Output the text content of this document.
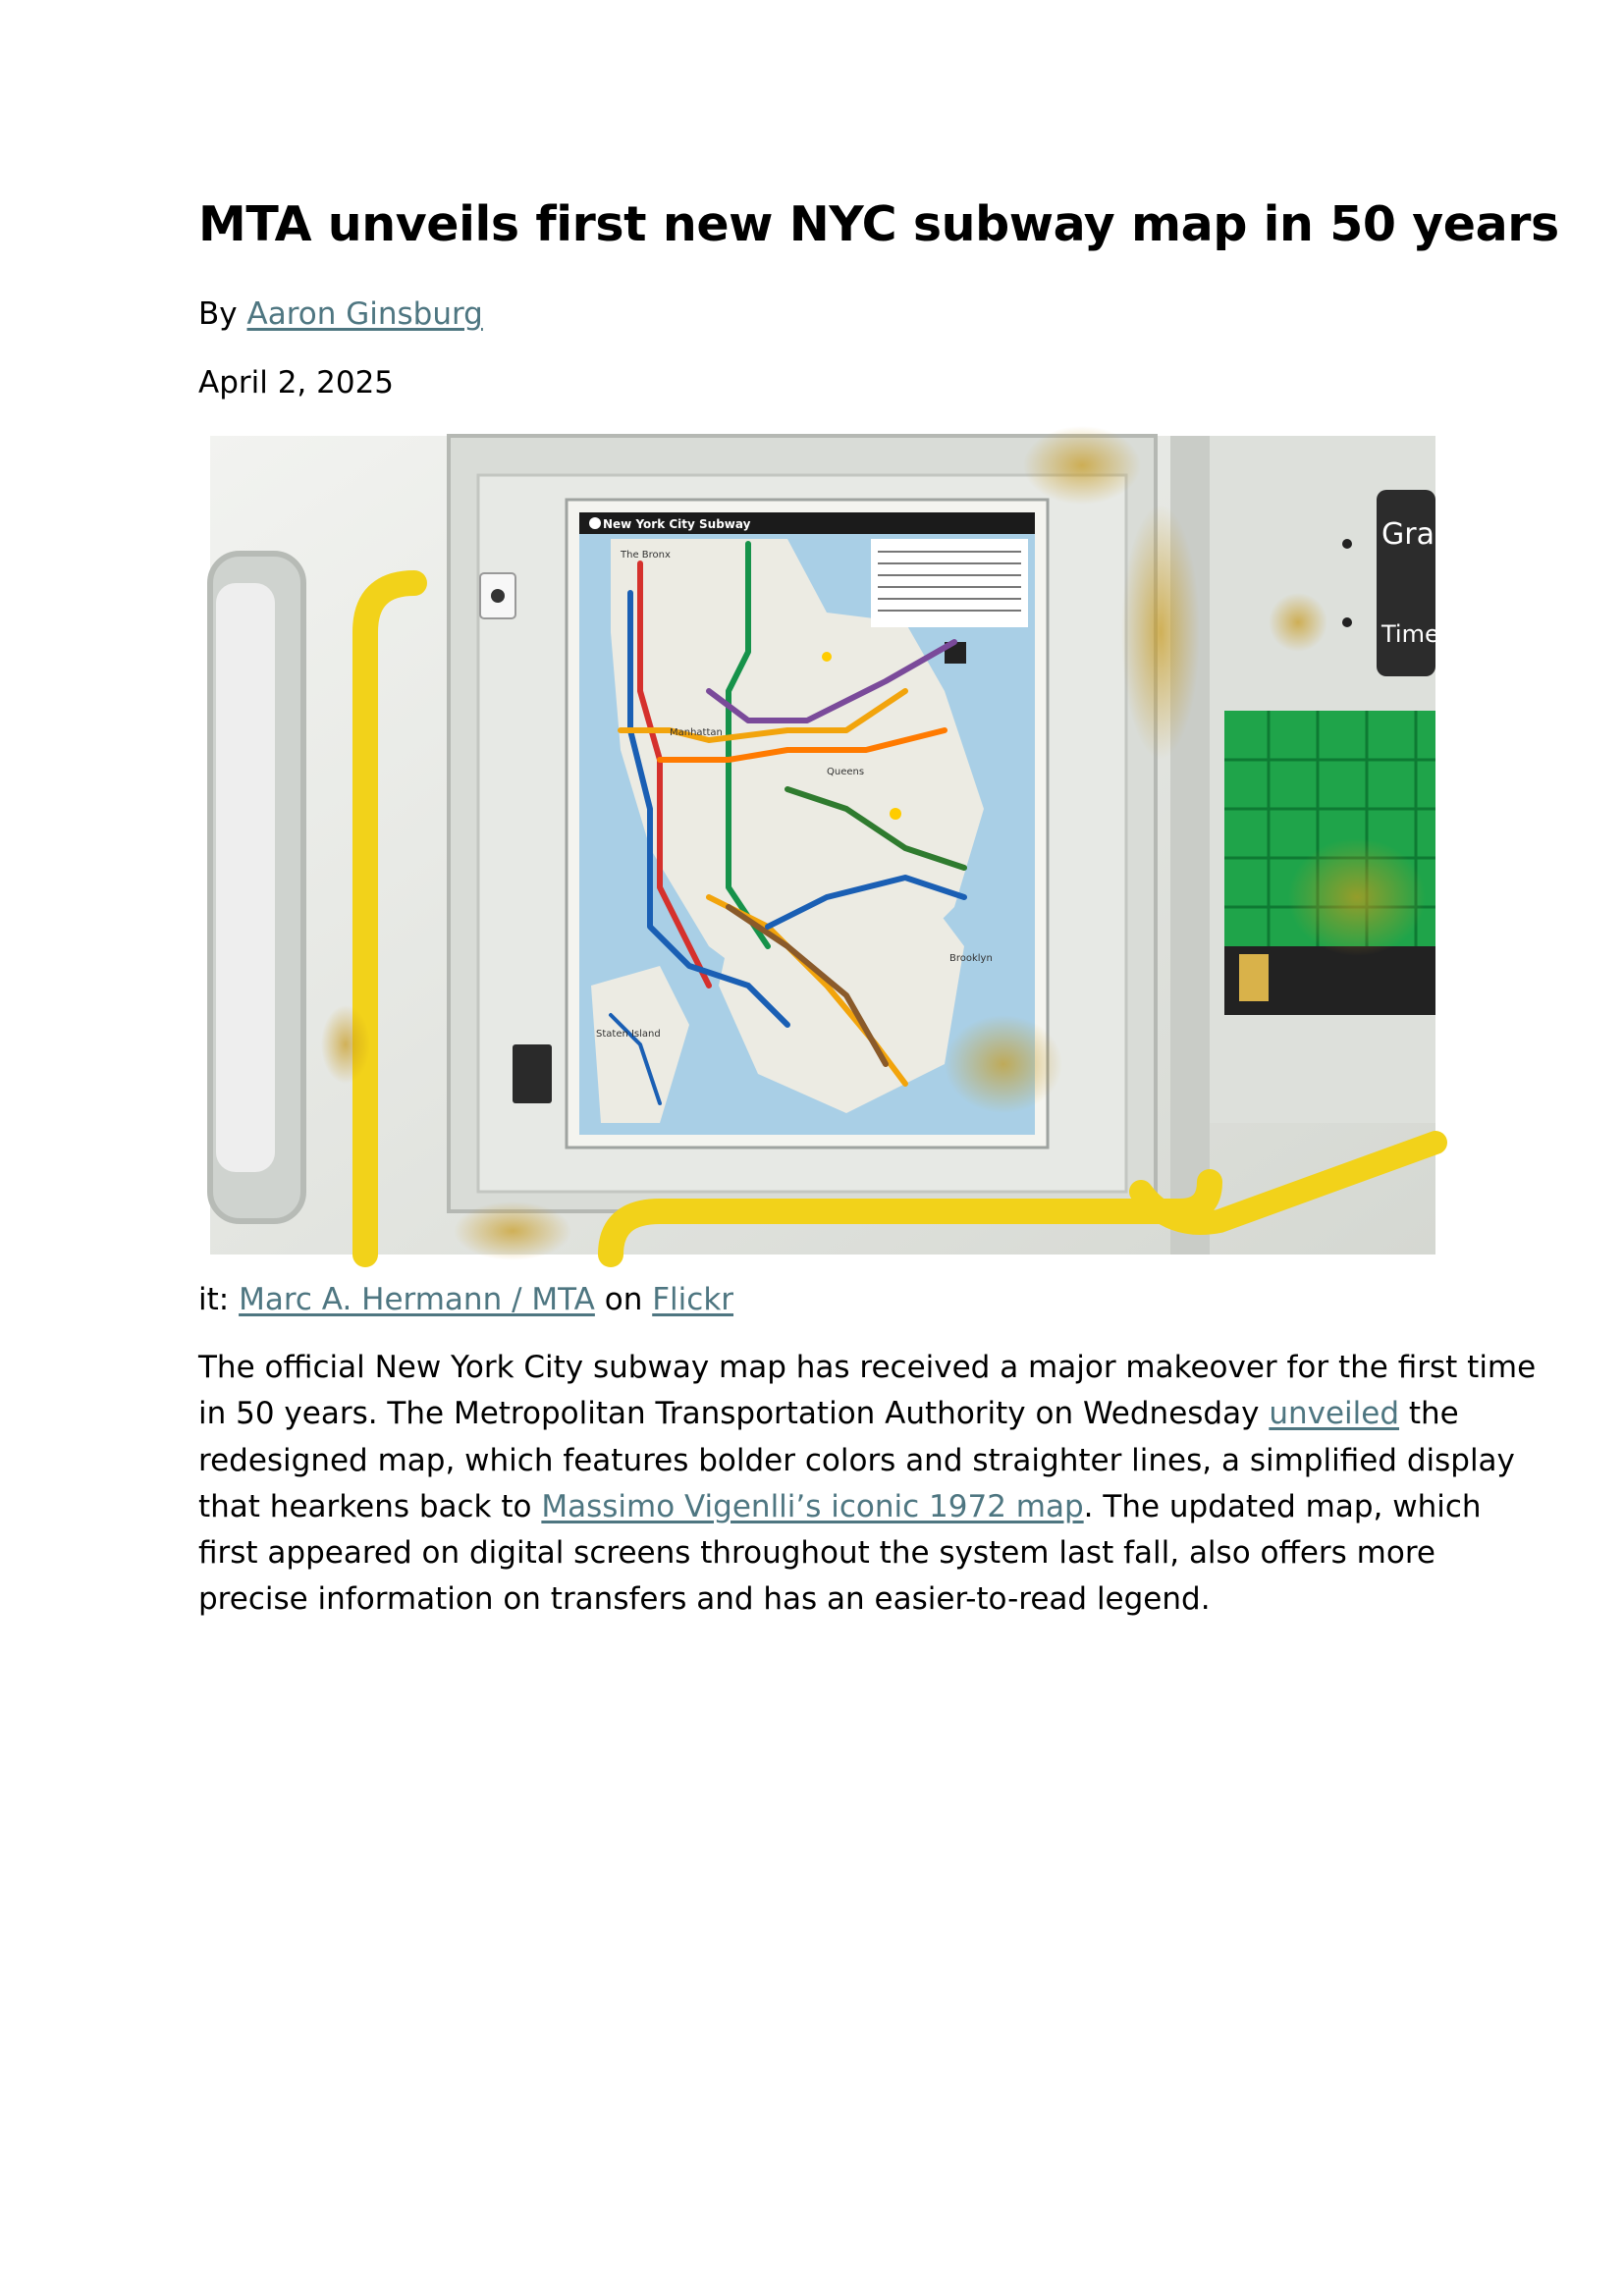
MTA unveils first new NYC subway map in 50 years
By Aaron Ginsburg
April 2, 2025
New York City Subway
The Bronx
Manhattan
Queens
Brooklyn
Staten Island
Gran
Time
it: Marc A. Hermann / MTA on Flickr
The official New York City subway map has received a major makeover for the first time
in 50 years. The Metropolitan Transportation Authority on Wednesday unveiled the
redesigned map, which features bolder colors and straighter lines, a simplified display
that hearkens back to Massimo Vigenlli’s iconic 1972 map. The updated map, which
first appeared on digital screens throughout the system last fall, also offers more
precise information on transfers and has an easier-to-read legend.
